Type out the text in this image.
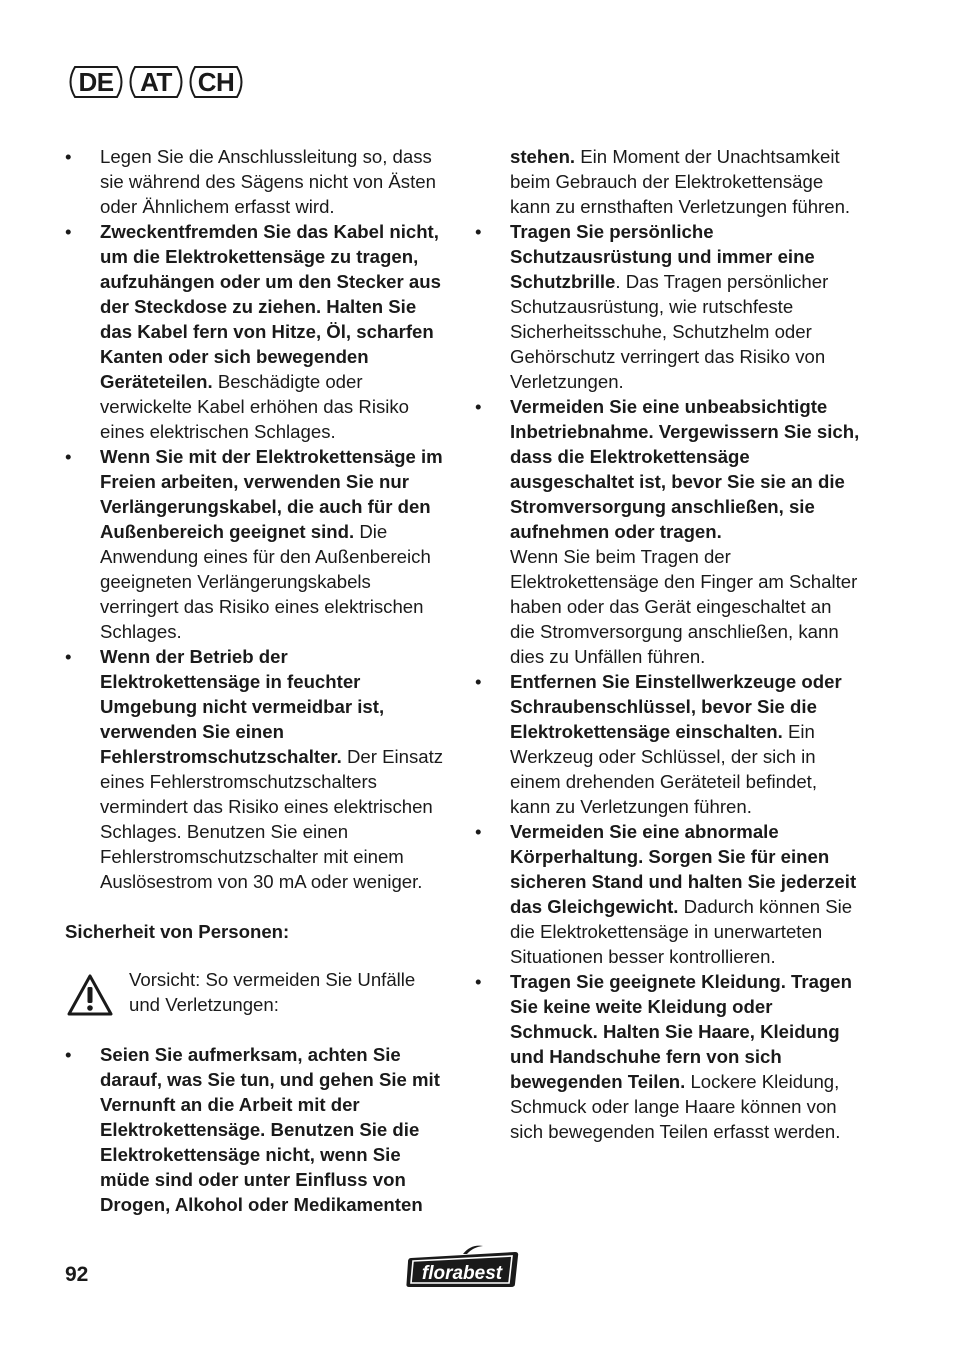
DE AT CH
• Legen Sie die Anschlussleitung so, dass sie während des Sägens nicht von Ästen oder Ähnlichem erfasst wird.
• Zweckentfremden Sie das Kabel nicht, um die Elektrokettensäge zu tragen, aufzuhängen oder um den Stecker aus der Steckdose zu ziehen. Halten Sie das Kabel fern von Hitze, Öl, scharfen Kanten oder sich bewegenden Geräteteilen. Beschädigte oder verwickelte Kabel erhöhen das Risiko eines elektrischen Schlages.
• Wenn Sie mit der Elektrokettensäge im Freien arbeiten, verwenden Sie nur Verlängerungskabel, die auch für den Außenbereich geeignet sind. Die Anwendung eines für den Außenbereich geeigneten Verlängerungskabels verringert das Risiko eines elektrischen Schlages.
• Wenn der Betrieb der Elektrokettensäge in feuchter Umgebung nicht vermeidbar ist, verwenden Sie einen Fehlerstromschutzschalter. Der Einsatz eines Fehlerstromschutzschalters vermindert das Risiko eines elektrischen Schlages. Benutzen Sie einen Fehlerstromschutzschalter mit einem Auslösestrom von 30 mA oder weniger.
Sicherheit von Personen:
Vorsicht: So vermeiden Sie Unfälle und Verletzungen:
• Seien Sie aufmerksam, achten Sie darauf, was Sie tun, und gehen Sie mit Vernunft an die Arbeit mit der Elektrokettensäge. Benutzen Sie die Elektrokettensäge nicht, wenn Sie müde sind oder unter Einfluss von Drogen, Alkohol oder Medikamenten
stehen. Ein Moment der Unachtsamkeit beim Gebrauch der Elektrokettensäge kann zu ernsthaften Verletzungen führen.
• Tragen Sie persönliche Schutzausrüstung und immer eine Schutzbrille. Das Tragen persönlicher Schutzausrüstung, wie rutschfeste Sicherheitsschuhe, Schutzhelm oder Gehörschutz verringert das Risiko von Verletzungen.
• Vermeiden Sie eine unbeabsichtigte Inbetriebnahme. Vergewissern Sie sich, dass die Elektrokettensäge ausgeschaltet ist, bevor Sie sie an die Stromversorgung anschließen, sie aufnehmen oder tragen.
Wenn Sie beim Tragen der Elektrokettensäge den Finger am Schalter haben oder das Gerät eingeschaltet an die Stromversorgung anschließen, kann dies zu Unfällen führen.
• Entfernen Sie Einstellwerkzeuge oder Schraubenschlüssel, bevor Sie die Elektrokettensäge einschalten. Ein Werkzeug oder Schlüssel, der sich in einem drehenden Geräteteil befindet, kann zu Verletzungen führen.
• Vermeiden Sie eine abnormale Körperhaltung. Sorgen Sie für einen sicheren Stand und halten Sie jederzeit das Gleichgewicht. Dadurch können Sie die Elektrokettensäge in unerwarteten Situationen besser kontrollieren.
• Tragen Sie geeignete Kleidung. Tragen Sie keine weite Kleidung oder Schmuck. Halten Sie Haare, Kleidung und Handschuhe fern von sich bewegenden Teilen. Lockere Kleidung, Schmuck oder lange Haare können von sich bewegenden Teilen erfasst werden.
92	florabest
